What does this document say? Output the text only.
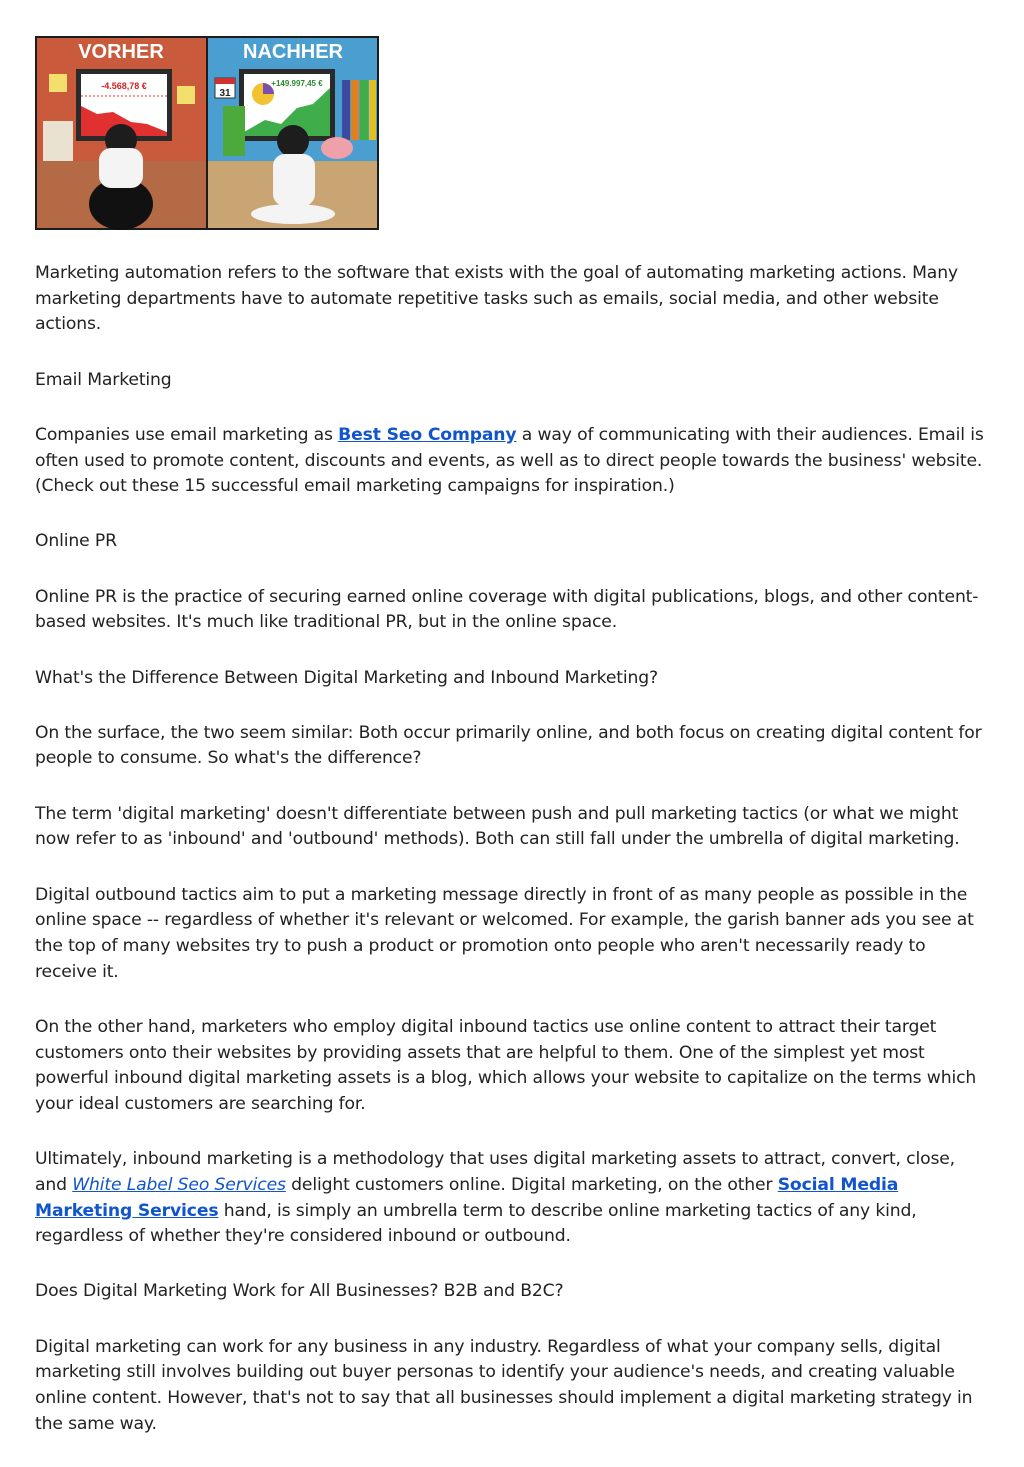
VORHER	NACHHER
-4.568,78 €	+149.997,45 €
31

Marketing automation refers to the software that exists with the goal of automating marketing actions. Many marketing departments have to automate repetitive tasks such as emails, social media, and other website actions.

Email Marketing

Companies use email marketing as Best Seo Company a way of communicating with their audiences. Email is often used to promote content, discounts and events, as well as to direct people towards the business' website. (Check out these 15 successful email marketing campaigns for inspiration.)

Online PR

Online PR is the practice of securing earned online coverage with digital publications, blogs, and other content-based websites. It's much like traditional PR, but in the online space.

What's the Difference Between Digital Marketing and Inbound Marketing?

On the surface, the two seem similar: Both occur primarily online, and both focus on creating digital content for people to consume. So what's the difference?

The term 'digital marketing' doesn't differentiate between push and pull marketing tactics (or what we might now refer to as 'inbound' and 'outbound' methods). Both can still fall under the umbrella of digital marketing.

Digital outbound tactics aim to put a marketing message directly in front of as many people as possible in the online space -- regardless of whether it's relevant or welcomed. For example, the garish banner ads you see at the top of many websites try to push a product or promotion onto people who aren't necessarily ready to receive it.

On the other hand, marketers who employ digital inbound tactics use online content to attract their target customers onto their websites by providing assets that are helpful to them. One of the simplest yet most powerful inbound digital marketing assets is a blog, which allows your website to capitalize on the terms which your ideal customers are searching for.

Ultimately, inbound marketing is a methodology that uses digital marketing assets to attract, convert, close, and White Label Seo Services delight customers online. Digital marketing, on the other Social Media Marketing Services hand, is simply an umbrella term to describe online marketing tactics of any kind, regardless of whether they're considered inbound or outbound.

Does Digital Marketing Work for All Businesses? B2B and B2C?

Digital marketing can work for any business in any industry. Regardless of what your company sells, digital marketing still involves building out buyer personas to identify your audience's needs, and creating valuable online content. However, that's not to say that all businesses should implement a digital marketing strategy in the same way.
